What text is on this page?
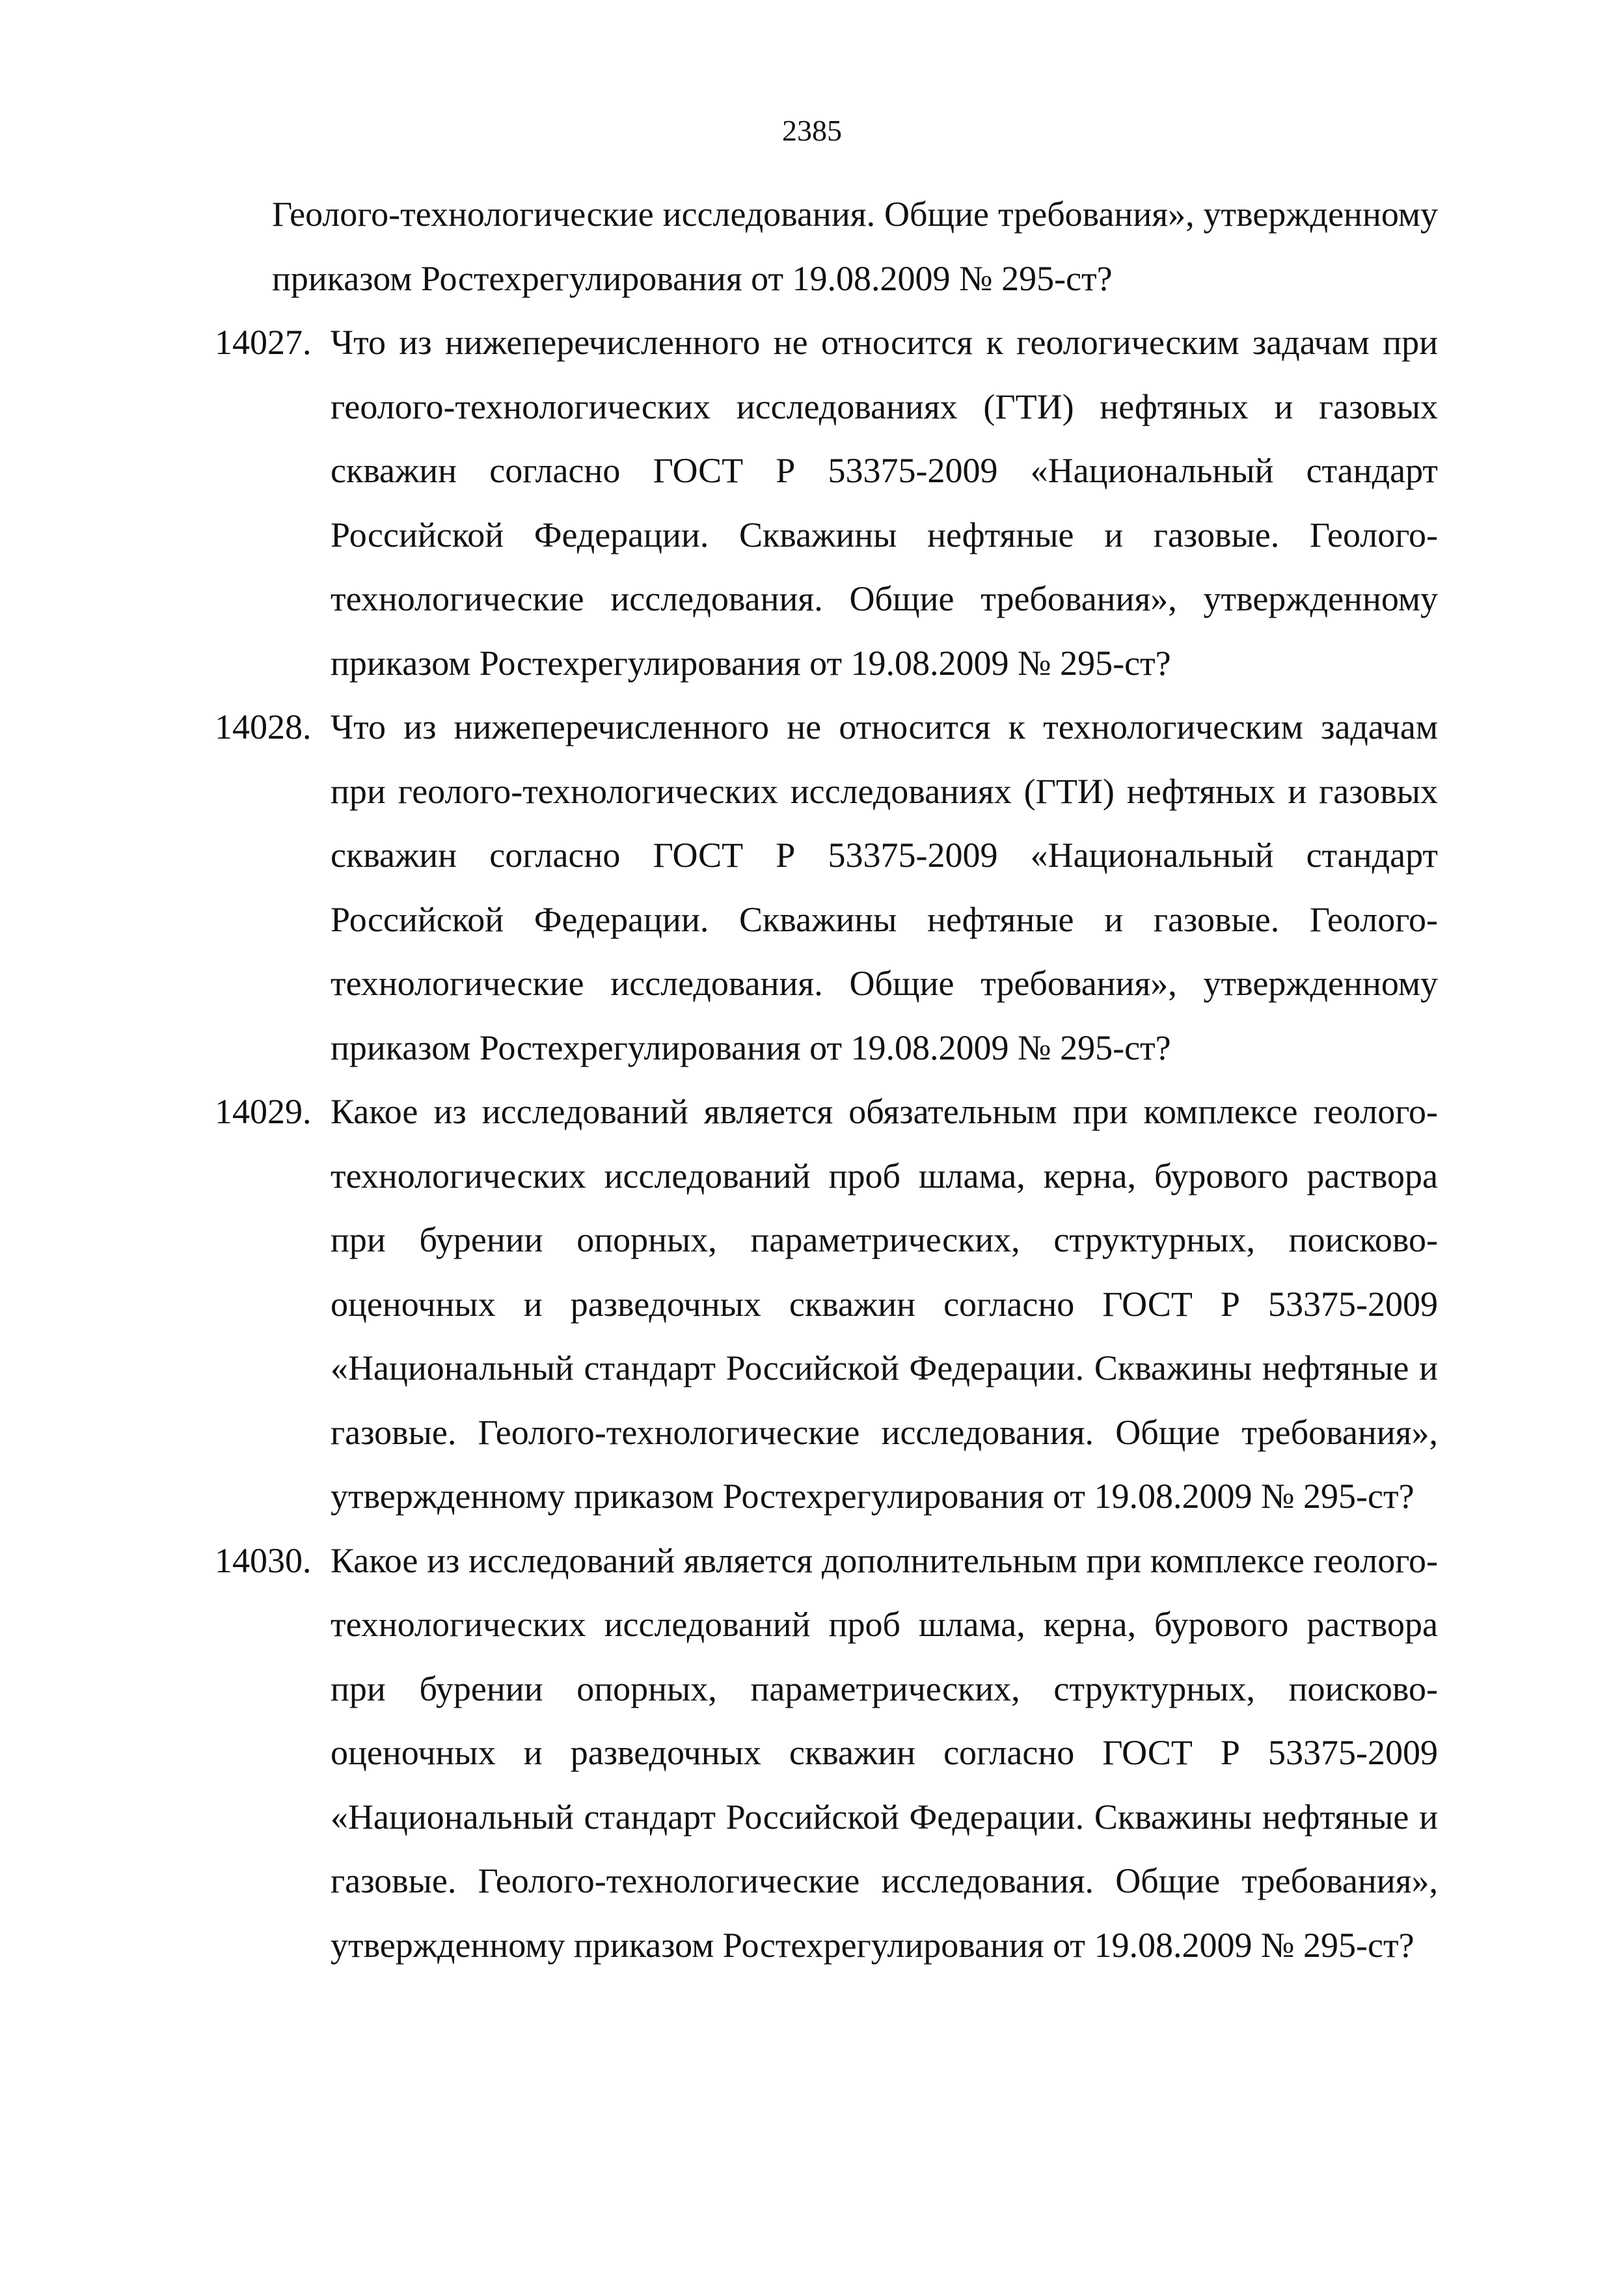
2385

Геолого-технологические исследования. Общие требования», утвержденному приказом Ростехрегулирования от 19.08.2009 № 295-ст?

14027. Что из нижеперечисленного не относится к геологическим задачам при геолого-технологических исследованиях (ГТИ) нефтяных и газовых скважин согласно ГОСТ Р 53375-2009 «Национальный стандарт Российской Федерации. Скважины нефтяные и газовые. Геолого-технологические исследования. Общие требования», утвержденному приказом Ростехрегулирования от 19.08.2009 № 295-ст?

14028. Что из нижеперечисленного не относится к технологическим задачам при геолого-технологических исследованиях (ГТИ) нефтяных и газовых скважин согласно ГОСТ Р 53375-2009 «Национальный стандарт Российской Федерации. Скважины нефтяные и газовые. Геолого-технологические исследования. Общие требования», утвержденному приказом Ростехрегулирования от 19.08.2009 № 295-ст?

14029. Какое из исследований является обязательным при комплексе геолого-технологических исследований проб шлама, керна, бурового раствора при бурении опорных, параметрических, структурных, поисково-оценочных и разведочных скважин согласно ГОСТ Р 53375-2009 «Национальный стандарт Российской Федерации. Скважины нефтяные и газовые. Геолого-технологические исследования. Общие требования», утвержденному приказом Ростехрегулирования от 19.08.2009 № 295-ст?

14030. Какое из исследований является дополнительным при комплексе геолого-технологических исследований проб шлама, керна, бурового раствора при бурении опорных, параметрических, структурных, поисково-оценочных и разведочных скважин согласно ГОСТ Р 53375-2009 «Национальный стандарт Российской Федерации. Скважины нефтяные и газовые. Геолого-технологические исследования. Общие требования», утвержденному приказом Ростехрегулирования от 19.08.2009 № 295-ст?
